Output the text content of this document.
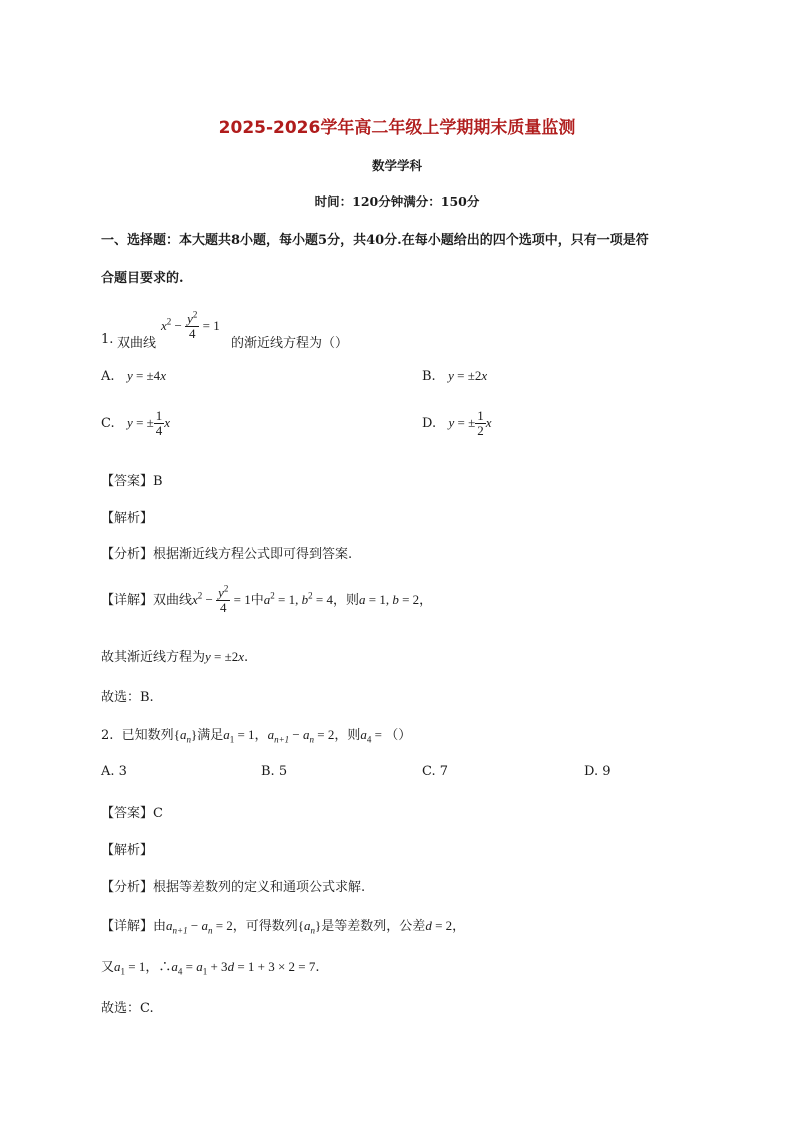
2025-2026学年高二年级上学期期末质量监测
数学学科
时间：120分钟满分：150分
一、选择题：本大题共8小题，每小题5分，共40分.在每小题给出的四个选项中，只有一项是符
合题目要求的.
1. 双曲线
$x^2 - \frac{y^2}{4} = 1$
的渐近线方程为（）
A. y = ±4x	B. y = ±2x
C. y = ± $\frac{1}{4}$ x	D. y = ± $\frac{1}{2}$ x
【答案】B
【解析】
【分析】根据渐近线方程公式即可得到答案.
【详解】双曲线$x^2 - \frac{y^2}{4} = 1$中$a^2 = 1$, $b^2 = 4$，则a = 1, b = 2，
故其渐近线方程为y = ±2x.
故选：B.
2. 已知数列$\{a_n\}$满足$a_1 = 1$，$a_{n+1} - a_n = 2$，则$a_4$ = （）
A. 3	B. 5	C. 7	D. 9
【答案】C
【解析】
【分析】根据等差数列的定义和通项公式求解.
【详解】由$a_{n+1} - a_n = 2$，可得数列$\{a_n\}$是等差数列，公差d = 2，
又$a_1 = 1$，$\therefore a_4 = a_1 + 3d = 1 + 3 \times 2 = 7$.
故选：C.
